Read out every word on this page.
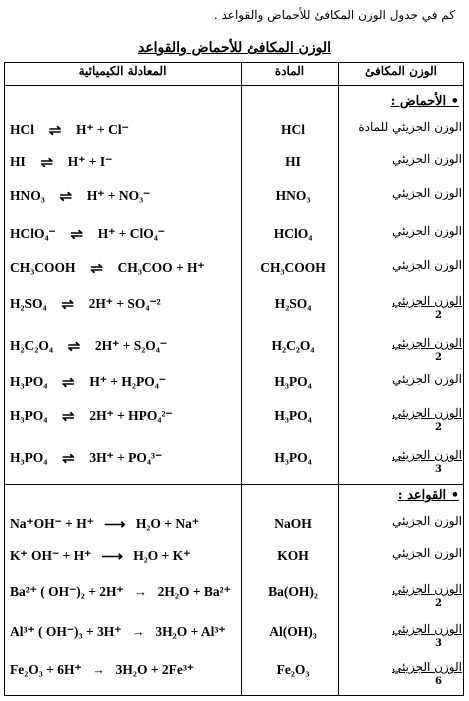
كم في جدول الوزن المكافئ للأحماض والقواعد .
الوزن المكافئ للأحماض والقواعد
المعادلة الكيميائية	المادة	الوزن المكافئ
• الأحماض :
• القواعد :
HCl ⇌	H⁺ + Cl⁻	HCl	الوزن الجزيئي للمادة
HI ⇌	H⁺ + I⁻	HI	الوزن الجزيئي
HNO₃ ⇌	H⁺ + NO₃⁻	HNO₃	الوزن الجزيئي
HClO₄⁻ ⇌	H⁺ + ClO₄⁻	HClO₄	الوزن الجزيئي
CH₃COOH ⇌	CH₃COO + H⁺	CH₃COOH	الوزن الجزيئي
H₂SO₄ ⇌	2H⁺ + SO₄⁻²	H₂SO₄	الوزن الجزيئي
2
H₂C₂O₄ ⇌	2H⁺ + S₂O₄⁻	H₂C₂O₄	الوزن الجزيئي
2
H₃PO₄ ⇌	H⁺ + H₂PO₄⁻	H₃PO₄	الوزن الجزيئي
H₃PO₄ ⇌	2H⁺ + HPO₄²⁻	H₃PO₄	الوزن الجزيئي
2
H₃PO₄ ⇌	3H⁺ + PO₄³⁻	H₃PO₄	الوزن الجزيئي
3
Na⁺OH⁻ + H⁺ ⟶ H₂O + Na⁺	NaOH	الوزن الجزيئي
K⁺ OH⁻ + H⁺ ⟶ H₂O + K⁺	KOH	الوزن الجزيئي
Ba²⁺ ( OH⁻)₂ + 2H⁺ → 2H₂O + Ba²⁺	Ba(OH)₂	الوزن الجزيئي
2
Al³⁺ ( OH⁻)₃ + 3H⁺ → 3H₂O + Al³⁺	Al(OH)₃	الوزن الجزيئي
3
Fe₂O₃ + 6H⁺ → 3H₂O + 2Fe³⁺	Fe₂O₃	الوزن الجزيئي
6
